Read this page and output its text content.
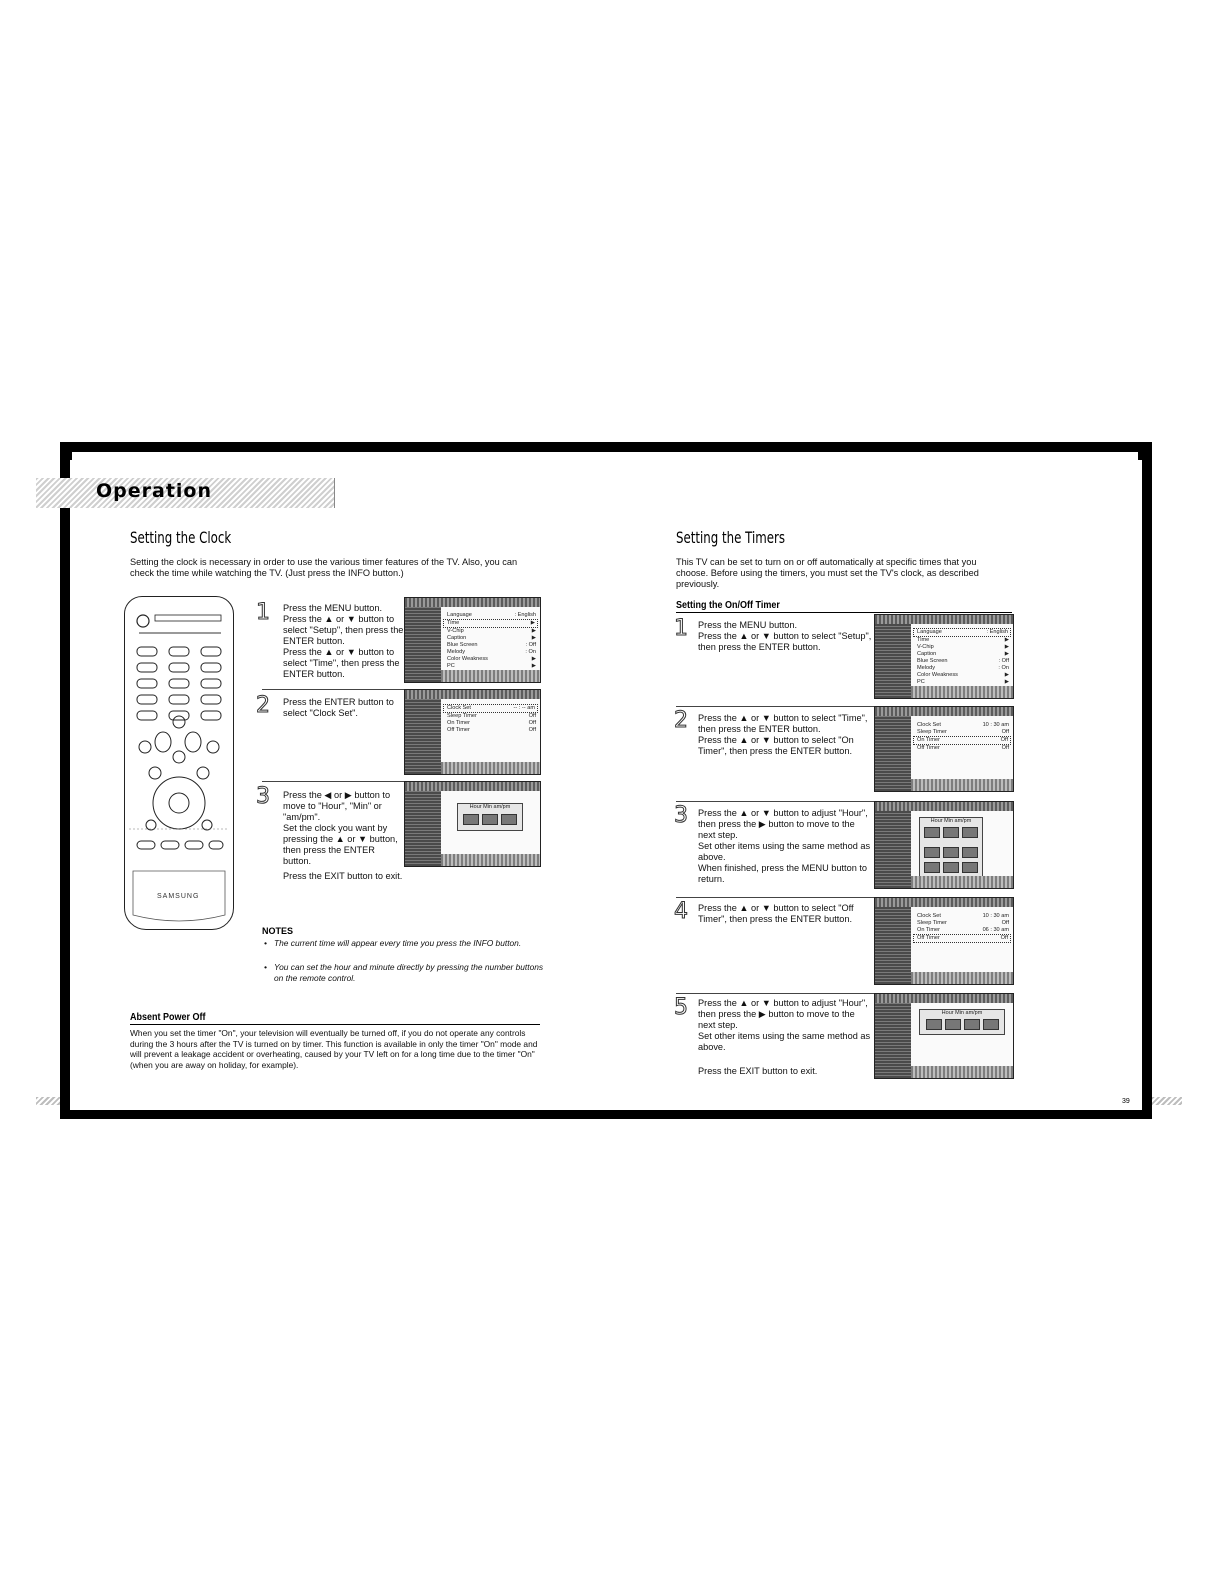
Operation
Setting the Clock
Setting the clock is necessary in order to use the various timer features of the TV. Also, you can check the time while watching the TV. (Just press the INFO button.)
SAMSUNG
1 Press the MENU button.
Press the ▲ or ▼ button to select "Setup", then press the ENTER button.
Press the ▲ or ▼ button to select "Time", then press the ENTER button.
Language	: English
Time	▶
V-Chip	▶
Caption	▶
Blue Screen	: Off
Melody	: On
Color Weakness	▶
PC	▶
2 Press the ENTER button to select "Clock Set".	Clock Set	-- : -- am
Sleep Timer	Off
On Timer	Off
Off Timer	Off
3 Press the ◀ or ▶ button to move to "Hour", "Min" or "am/pm".
Set the clock you want by pressing the ▲ or ▼ button, then press the ENTER button.
Hour Min am/pm
Press the EXIT button to exit.
NOTES
• The current time will appear every time you press the INFO button.
• You can set the hour and minute directly by pressing the number buttons on the remote control.
Absent Power Off
When you set the timer "On", your television will eventually be turned off, if you do not operate any controls during the 3 hours after the TV is turned on by timer. This function is available in only the timer "On" mode and will prevent a leakage accident or overheating, caused by your TV left on for a long time due to the timer "On" (when you are away on holiday, for example).
38
Setting the Timers
This TV can be set to turn on or off automatically at specific times that you choose. Before using the timers, you must set the TV's clock, as described previously.
Setting the On/Off Timer
1 Press the MENU button.
Press the ▲ or ▼ button to select "Setup", then press the ENTER button.
Language	: English
Time	▶
V-Chip	▶
Caption	▶
Blue Screen	: Off
Melody	: On
Color Weakness	▶
PC	▶
2 Press the ▲ or ▼ button to select "Time", then press the ENTER button.
Press the ▲ or ▼ button to select "On Timer", then press the ENTER button.
Clock Set	10 : 30 am
Sleep Timer	Off
On Timer	Off
Off Timer	Off
3 Press the ▲ or ▼ button to adjust "Hour", then press the ▶ button to move to the next step.
Set other items using the same method as above.
When finished, press the MENU button to return.
Hour Min am/pm
4 Press the ▲ or ▼ button to select "Off Timer", then press the ENTER button.	Clock Set	10 : 30 am
Sleep Timer	Off
On Timer	06 : 30 am
Off Timer	Off
5 Press the ▲ or ▼ button to adjust "Hour", then press the ▶ button to move to the next step.
Set other items using the same method as above.
Hour Min am/pm
Press the EXIT button to exit.
39
